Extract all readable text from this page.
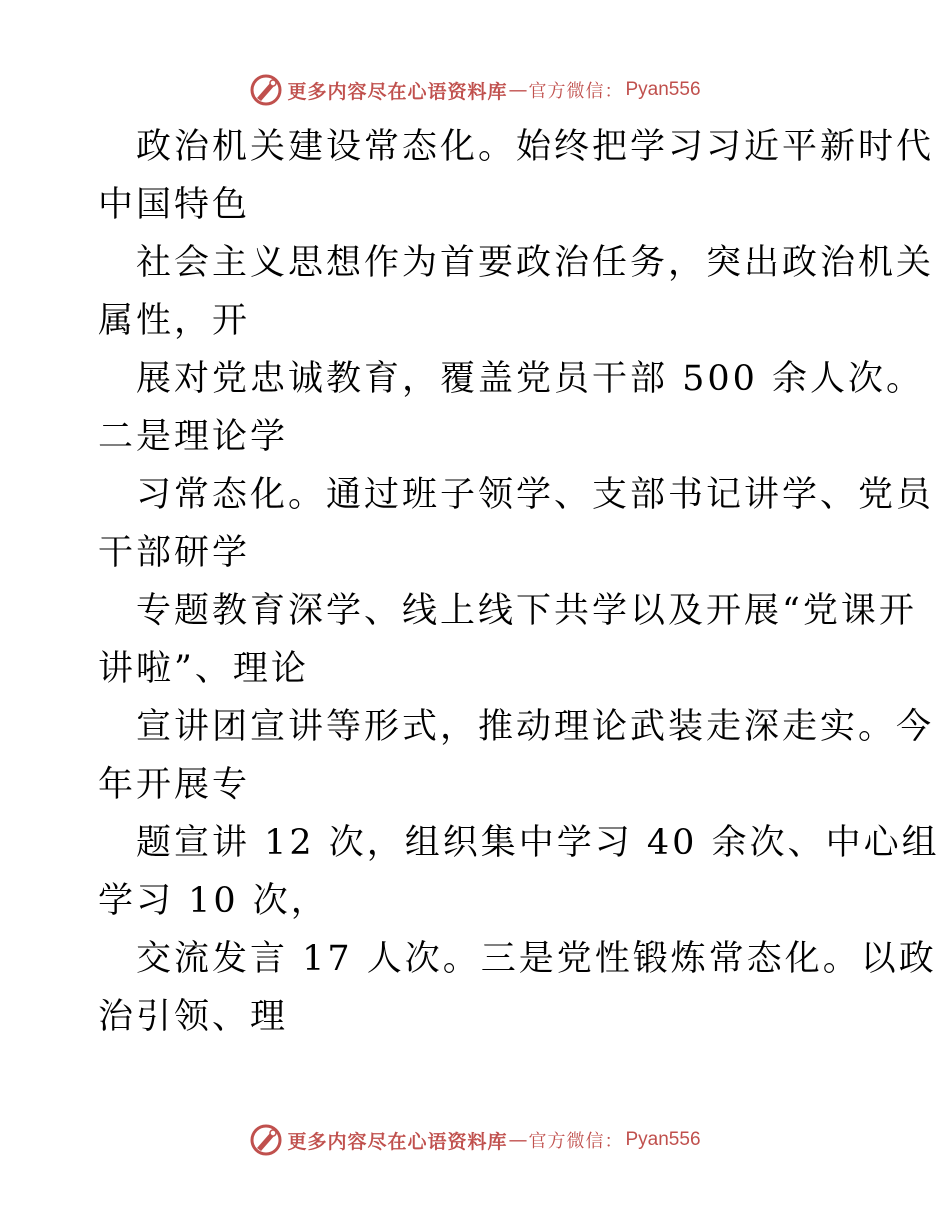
更多内容尽在心语资料库 — 官方微信： Pyan556

政治机关建设常态化。始终把学习习近平新时代
中国特色
社会主义思想作为首要政治任务，突出政治机关
属性，开
展对党忠诚教育，覆盖党员干部 500 余人次。
二是理论学
习常态化。通过班子领学、支部书记讲学、党员
干部研学
专题教育深学、线上线下共学以及开展“党课开
讲啦”、理论
宣讲团宣讲等形式，推动理论武装走深走实。今
年开展专
题宣讲 12 次，组织集中学习 40 余次、中心组
学习 10 次，
交流发言 17 人次。三是党性锻炼常态化。以政
治引领、理

更多内容尽在心语资料库 — 官方微信： Pyan556
